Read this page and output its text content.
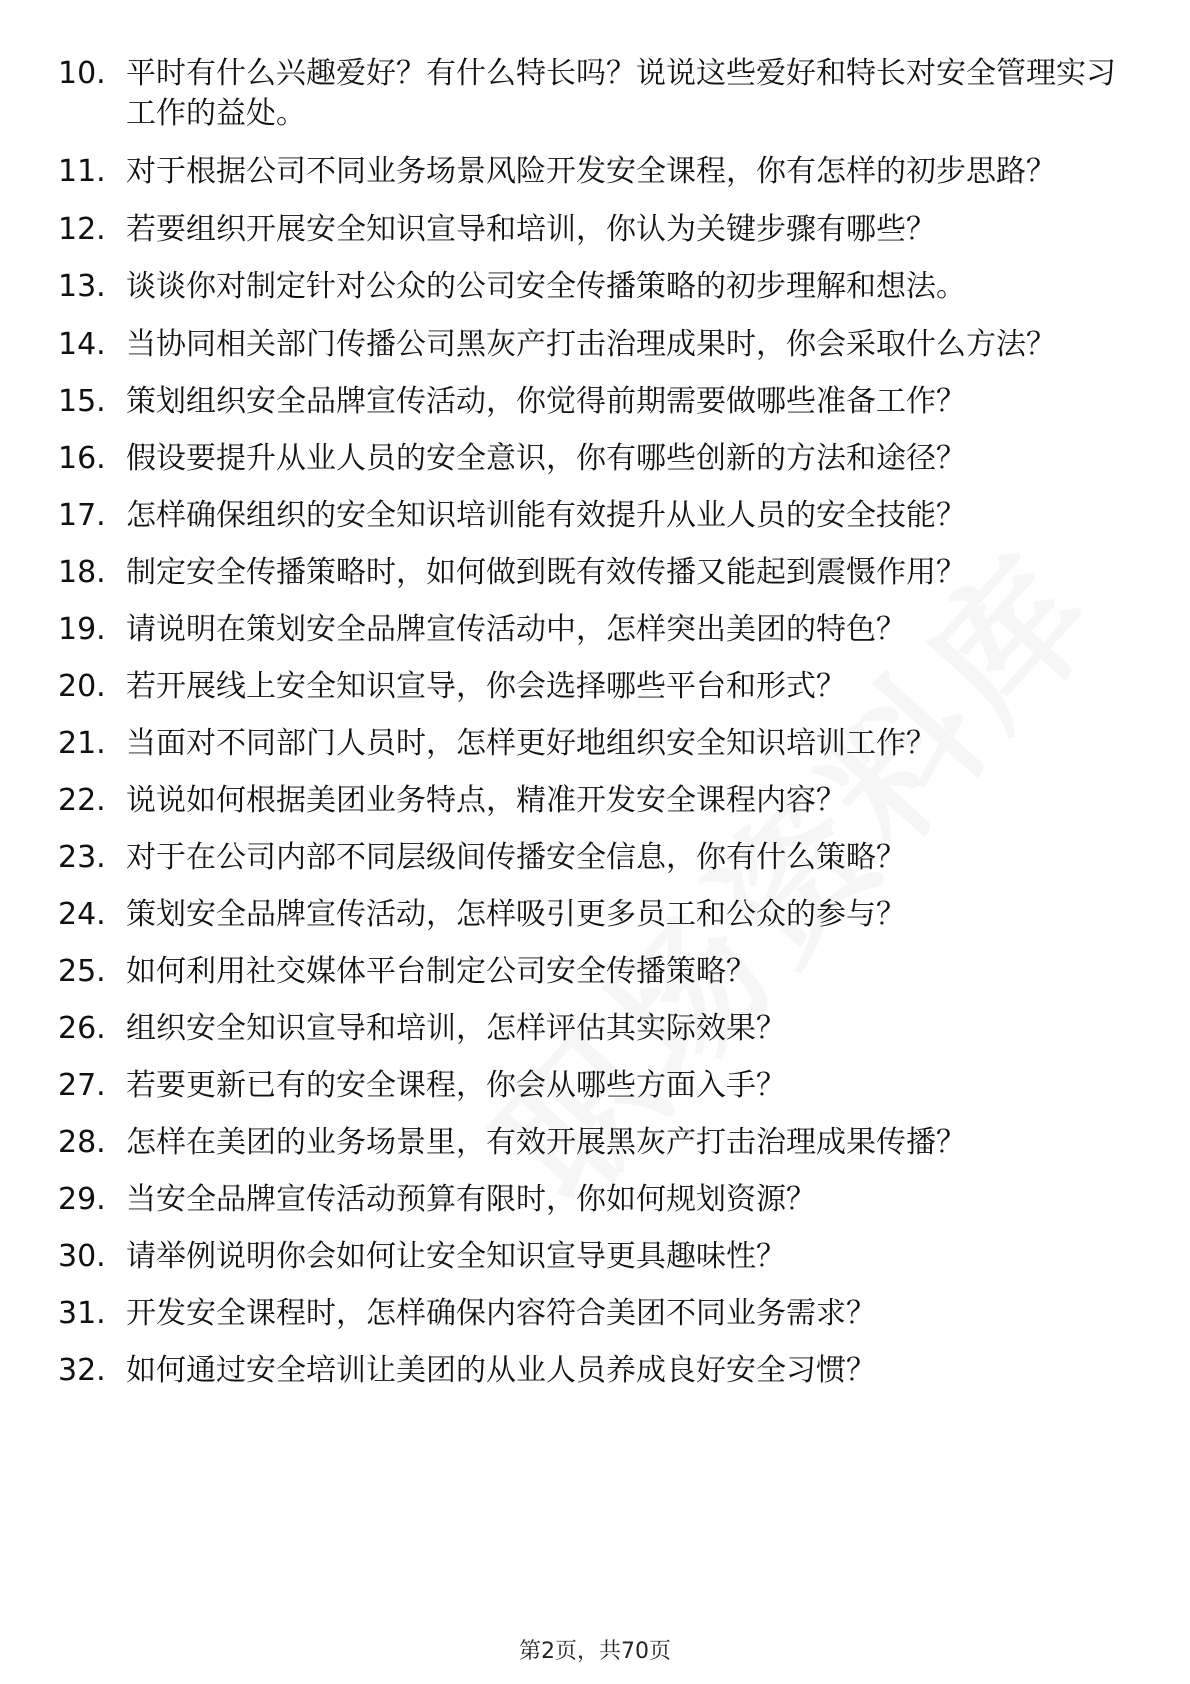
10. 平时有什么兴趣爱好？有什么特长吗？说说这些爱好和特长对安全管理实习工作的益处。
11. 对于根据公司不同业务场景风险开发安全课程，你有怎样的初步思路？
12. 若要组织开展安全知识宣导和培训，你认为关键步骤有哪些？
13. 谈谈你对制定针对公众的公司安全传播策略的初步理解和想法。
14. 当协同相关部门传播公司黑灰产打击治理成果时，你会采取什么方法？
15. 策划组织安全品牌宣传活动，你觉得前期需要做哪些准备工作？
16. 假设要提升从业人员的安全意识，你有哪些创新的方法和途径？
17. 怎样确保组织的安全知识培训能有效提升从业人员的安全技能？
18. 制定安全传播策略时，如何做到既有效传播又能起到震慑作用？
19. 请说明在策划安全品牌宣传活动中，怎样突出美团的特色？
20. 若开展线上安全知识宣导，你会选择哪些平台和形式？
21. 当面对不同部门人员时，怎样更好地组织安全知识培训工作？
22. 说说如何根据美团业务特点，精准开发安全课程内容？
23. 对于在公司内部不同层级间传播安全信息，你有什么策略？
24. 策划安全品牌宣传活动，怎样吸引更多员工和公众的参与？
25. 如何利用社交媒体平台制定公司安全传播策略？
26. 组织安全知识宣导和培训，怎样评估其实际效果？
27. 若要更新已有的安全课程，你会从哪些方面入手？
28. 怎样在美团的业务场景里，有效开展黑灰产打击治理成果传播？
29. 当安全品牌宣传活动预算有限时，你如何规划资源？
30. 请举例说明你会如何让安全知识宣导更具趣味性？
31. 开发安全课程时，怎样确保内容符合美团不同业务需求？
32. 如何通过安全培训让美团的从业人员养成良好安全习惯？
第2页，共70页
